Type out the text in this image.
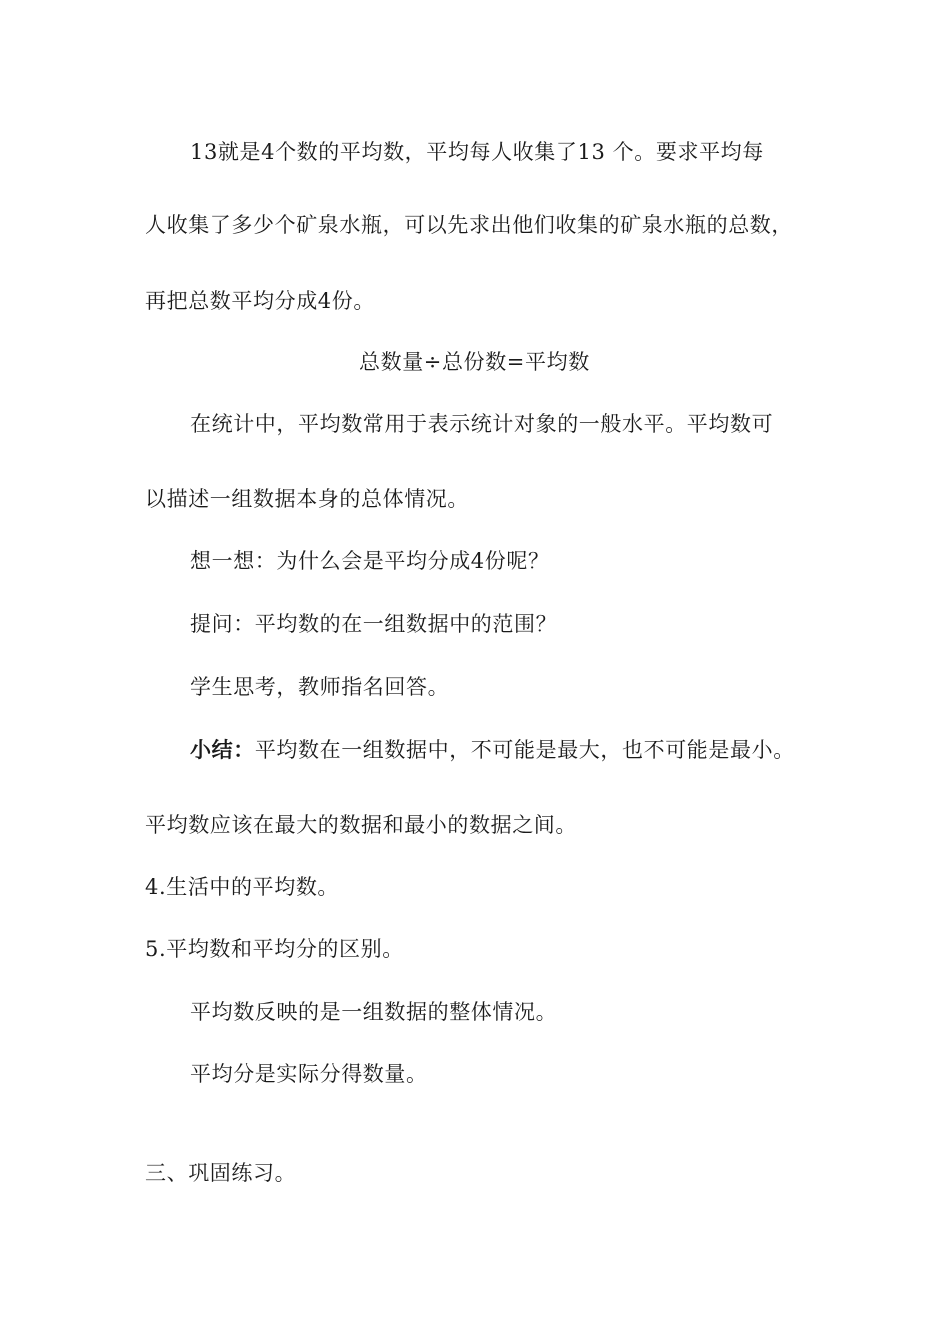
13就是4个数的平均数，平均每人收集了13 个。要求平均每
人收集了多少个矿泉水瓶，可以先求出他们收集的矿泉水瓶的总数，
再把总数平均分成4份。
总数量÷总份数=平均数
在统计中，平均数常用于表示统计对象的一般水平。平均数可
以描述一组数据本身的总体情况。
想一想：为什么会是平均分成4份呢？
提问：平均数的在一组数据中的范围？
学生思考，教师指名回答。
小结：平均数在一组数据中，不可能是最大，也不可能是最小。
平均数应该在最大的数据和最小的数据之间。
4.生活中的平均数。
5.平均数和平均分的区别。
平均数反映的是一组数据的整体情况。
平均分是实际分得数量。
三、巩固练习。
